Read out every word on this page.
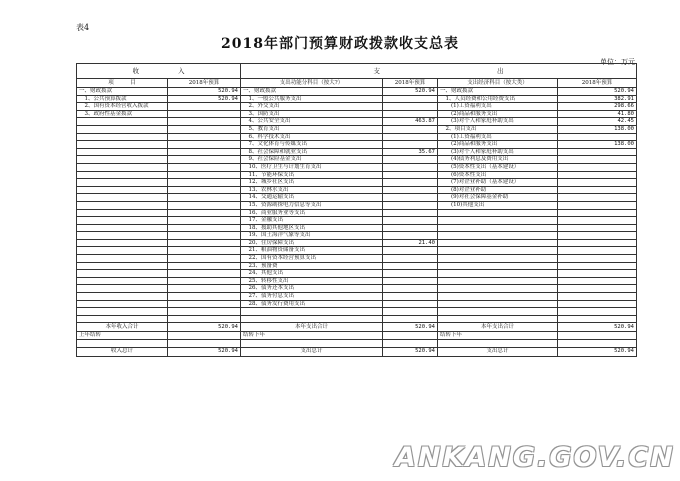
表4
2018年部门预算财政拨款收支总表
单位：万元
收　　　　　　入		支　　　　　　　　　　　　　　　　　　出			
项　　　目	2018年预算	支出功能分科目（按大?）	2018年预算	支出经济科目（按大类）	2018年预算
一、财政拨款	520.94	一、财政拨款	520.94	一、财政拨款	520.94
　1、公共预算拨款	520.94	　1、一般公共服务支出		　1、人员经费和公用经费支出	382.91
　2、国有资本经营收入拨款		　2、外交支出		　　(1)工资福利支出	298.66
　3、政府性基金拨款		　3、国防支出		　　(2)商品和服务支出	41.80
		　4、公共安全支出	463.87	　　(3)对个人和家庭补助支出	42.45
		　5、教育支出		　2、项目支出	138.00
		　6、科学技术支出		　　(1)工资福利支出	
		　7、文化体育与传媒支出		　　(2)商品和服务支出	138.00
		　8、社会保障和就业支出	35.67	　　(3)对个人和家庭补助支出	
		　9、社会保险基金支出		　　(4)债务利息及费用支出	
		　10、医疗卫生与计划生育支出		　　(5)资本性支出（基本建设）	
		　11、节能环保支出		　　(6)资本性支出	
		　12、城乡社区支出		　　(7)对企业补助（基本建设）	
		　13、农林水支出		　　(8)对企业补助	
		　14、交通运输支出		　　(9)对社会保障基金补助	
		　15、资源勘探电力信息等支出		　　(10)其他支出	
		　16、商业服务业等支出			
		　17、金融支出			
		　18、援助其他地区支出			
		　19、国土海洋气象等支出			
		　20、住房保障支出	21.40		
		　21、粮油物资储备支出			
		　22、国有资本经营预算支出			
		　23、预备费			
		　24、其他支出			
		　25、转移性支出			
		　26、债务还本支出			
		　27、债务付息支出			
		　28、债务发行费用支出			

本年收入合计	520.94	本年支出合计	520.94	本年支出合计	520.94
上年结转		结转下年		结转下年	

收入总计	520.94	支出总计	520.94	支出总计	520.94
ANKANG.GOV.CN
